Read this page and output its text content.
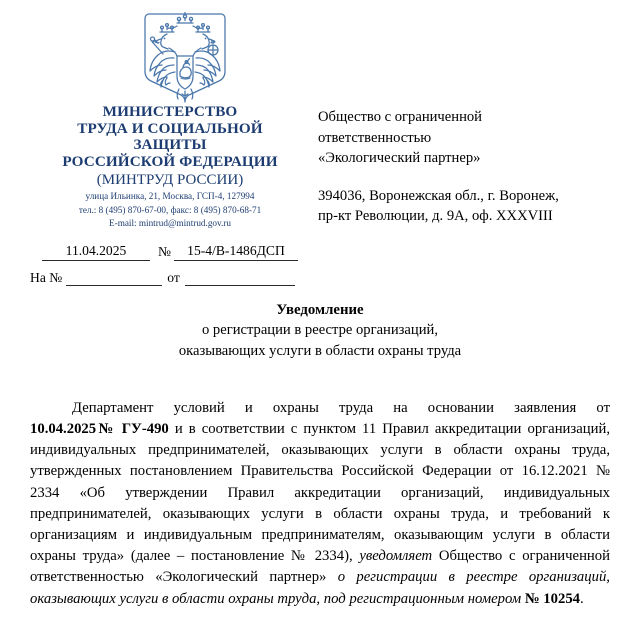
МИНИСТЕРСТВО
ТРУДА И СОЦИАЛЬНОЙ
ЗАЩИТЫ
РОССИЙСКОЙ ФЕДЕРАЦИИ
(МИНТРУД РОССИИ)
улица Ильинка, 21, Москва, ГСП-4, 127994
тел.: 8 (495) 870-67-00, факс: 8 (495) 870-68-71
E-mail: mintrud@mintrud.gov.ru
11.04.2025	№	15-4/В-1486ДСП
На №	от
Общество с ограниченной
ответственностью
«Экологический партнер»
394036, Воронежская обл., г. Воронеж,
пр-кт Революции, д. 9А, оф. XXXVIII
Уведомление
о регистрации в реестре организаций,
оказывающих услуги в области охраны труда

Департамент условий и охраны труда на основании заявления от 10.04.2025№ ГУ-490 и в соответствии с пунктом 11 Правил аккредитации организаций, индивидуальных предпринимателей, оказывающих услуги в области охраны труда, утвержденных постановлением Правительства Российской Федерации от 16.12.2021 № 2334 «Об утверждении Правил аккредитации организаций, индивидуальных предпринимателей, оказывающих услуги в области охраны труда, и требований к организациям и индивидуальным предпринимателям, оказывающим услуги в области охраны труда» (далее – постановление № 2334), уведомляет Общество с ограниченной ответственностью «Экологический партнер» о регистрации в реестре организаций, оказывающих услуги в области охраны труда, под регистрационным номером № 10254.
